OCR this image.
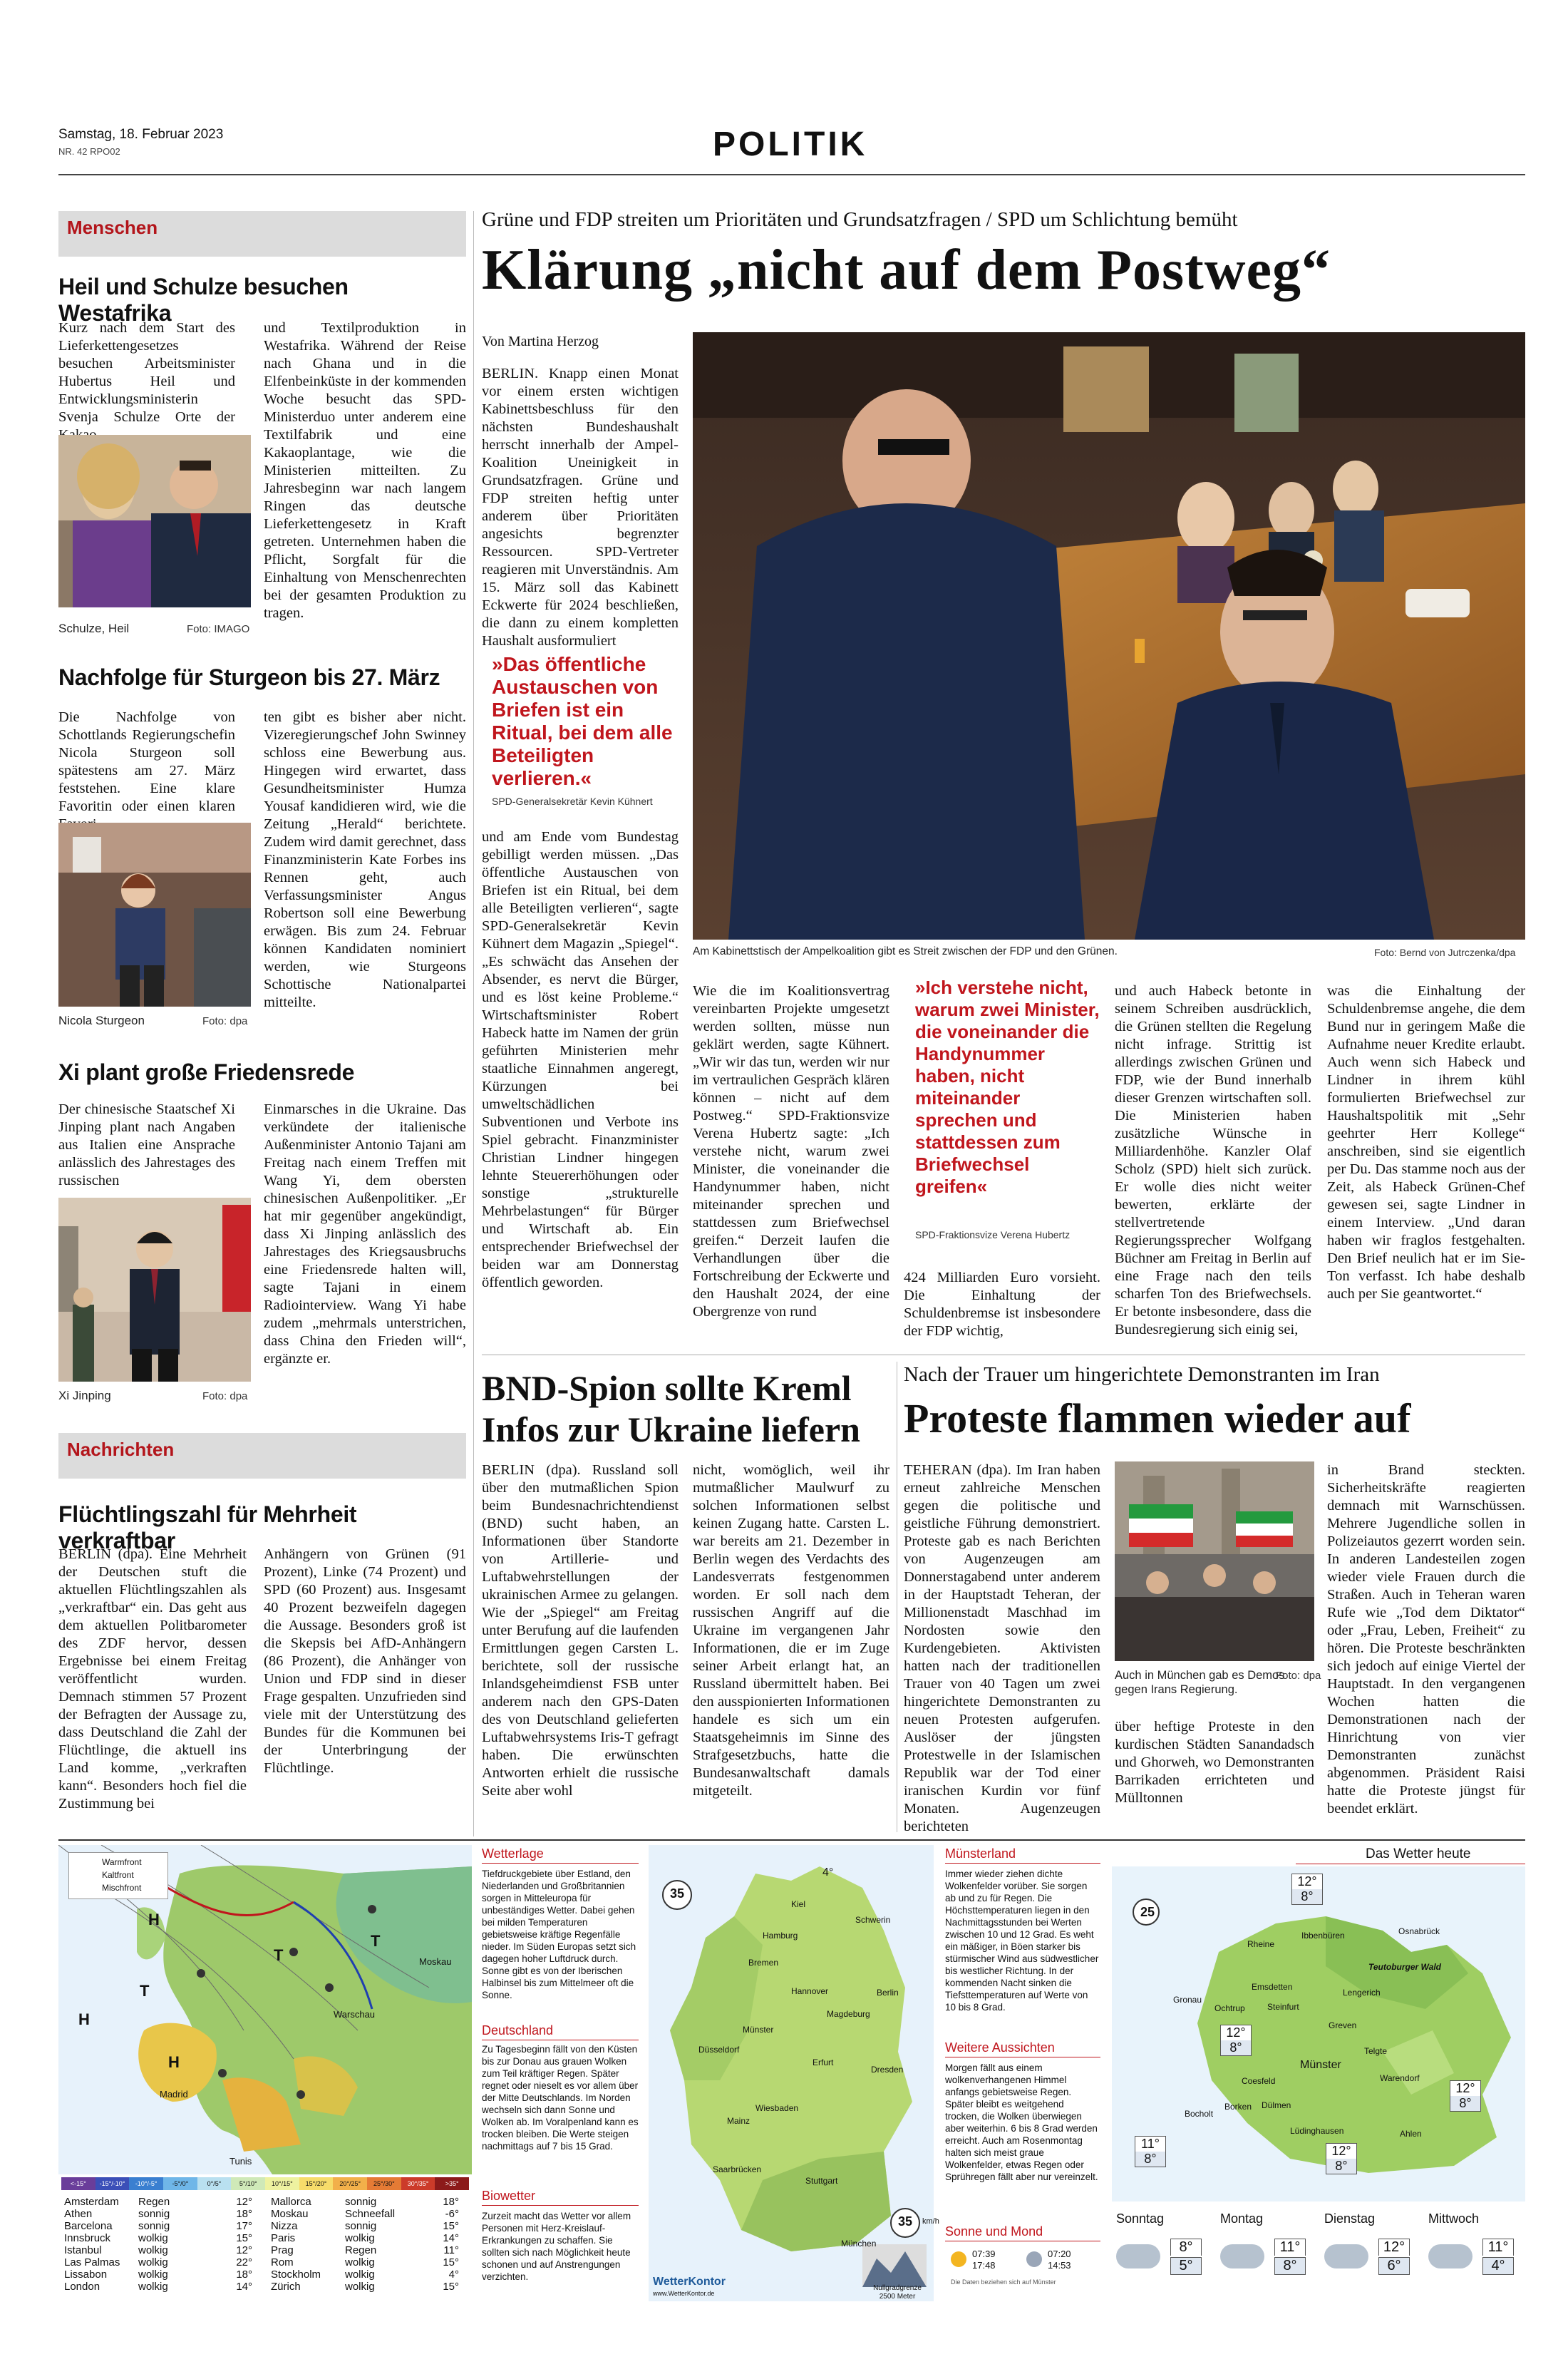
Samstag, 18. Februar 2023
NR. 42 RPO02	POLITIK
Menschen
Heil und Schulze besuchen Westafrika
Kurz nach dem Start des Lieferkettengesetzes besuchen Arbeitsminister Hubertus Heil und Entwicklungsministerin Svenja Schulze Orte der
Schulze, Heil	Foto: IMAGO
und Textilproduktion in Westafrika. Während der Reise nach Ghana und in die Elfenbeinküste in der kommenden Woche besucht das SPD-Ministerduo unter anderem eine Textilfabrik und eine Kakaoplantage, wie die Ministerien mitteilten. Zu Jahresbeginn war nach langem Ringen das deutsche Lieferkettengesetz in Kraft getreten. Unternehmen haben die Pflicht, Sorgfalt für die Einhaltung von Menschenrechten bei der gesamten Produktion zu tragen.
Nachfolge für Sturgeon bis 27. März
Die Nachfolge von Schottlands Regierungschefin Nicola Sturgeon soll spätestens am 27. März feststehen. Eine klare Favoritin oder einen klaren
Nicola Sturgeon	Foto: dpa
ten gibt es bisher aber nicht. Vizeregierungschef John Swinney schloss eine Bewerbung aus. Hingegen wird erwartet, dass Gesundheitsminister Humza Yousaf kandidieren wird, wie die Zeitung „Herald“ berichtete. Zudem wird damit gerechnet, dass Finanzministerin Kate Forbes ins Rennen geht, auch Verfassungsminister Angus Robertson soll eine Bewerbung erwägen. Bis zum 24. Februar können Kandidaten nominiert werden, wie Sturgeons Schottische Nationalpartei mitteilte.
Xi plant große Friedensrede
Der chinesische Staatschef Xi Jinping plant nach Angaben aus Italien eine Ansprache anlässlich des Jahrestages des russischen
Xi Jinping	Foto: dpa
Einmarsches in die Ukraine. Das verkündete der italienische Außenminister Antonio Tajani am Freitag nach einem Treffen mit Wang Yi, dem obersten chinesischen Außenpolitiker. „Er hat mir gegenüber angekündigt, dass Xi Jinping anlässlich des Jahrestages des Kriegsausbruchs eine Friedensrede halten will, sagte Tajani in einem Radiointerview. Wang Yi habe zudem „mehrmals unterstrichen, dass China den Frieden will“, ergänzte er.
Nachrichten
Flüchtlingszahl für Mehrheit verkraftbar
BERLIN (dpa). Eine Mehrheit der Deutschen stuft die aktuellen Flüchtlingszahlen als „verkraftbar“ ein. Das geht aus dem aktuellen Politbarometer des ZDF hervor, dessen Ergebnisse bei einem Freitag veröffentlicht wurden. Demnach stimmen 57 Prozent der Befragten der Aussage zu, dass Deutschland die Zahl der Flüchtlinge, die aktuell ins Land komme, „verkraften kann“. Besonders hoch fiel die Zustimmung bei
Anhängern von Grünen (91 Prozent), Linke (74 Prozent) und SPD (60 Prozent) aus. Insgesamt 40 Prozent bezweifeln dagegen die Aussage. Besonders groß ist die Skepsis bei AfD-Anhängern (86 Prozent), die Anhänger von Union und FDP sind in dieser Frage gespalten. Unzufrieden sind viele mit der Unterstützung des Bundes für die Kommunen bei der Unterbringung der Flüchtlinge.
Grüne und FDP streiten um Prioritäten und Grundsatzfragen / SPD um Schlichtung bemüht
Klärung „nicht auf dem Postweg“
Von Martina Herzog
BERLIN. Knapp einen Monat vor einem ersten wichtigen Kabinettsbeschluss für den nächsten Bundeshaushalt herrscht innerhalb der Ampel-Koalition Uneinigkeit in Grundsatzfragen. Grüne und FDP streiten heftig unter anderem über Prioritäten angesichts begrenzter Ressourcen. SPD-Vertreter reagieren mit Unverständnis. Am 15. März soll das Kabinett Eckwerte für 2024 beschließen, die dann zu einem kompletten Haushalt ausformuliert
»Das öffentliche Austauschen von Briefen ist ein Ritual, bei dem alle Beteiligten verlieren.«
SPD-Generalsekretär Kevin Kühnert
und am Ende vom Bundestag gebilligt werden müssen. „Das öffentliche Austauschen von Briefen ist ein Ritual, bei dem alle Beteiligten verlieren“, sagte SPD-Generalsekretär Kevin Kühnert dem Magazin „Spiegel“. „Es schwächt das Ansehen der Absender, es nervt die Bürger, und es löst keine Probleme.“ Wirtschaftsminister Robert Habeck hatte im Namen der grün geführten Ministerien mehr staatliche Einnahmen angeregt, Kürzungen bei umweltschädlichen Subventionen und Verbote ins Spiel gebracht. Finanzminister Christian Lindner hingegen lehnte Steuererhöhungen oder sonstige „strukturelle Mehrbelastungen“ für Bürger und Wirtschaft ab. Ein entsprechender Briefwechsel der beiden war am Donnerstag öffentlich geworden.
Am Kabinettstisch der Ampelkoalition gibt es Streit zwischen der FDP und den Grünen.	Foto: Bernd von Jutrczenka/dpa
Wie die im Koalitionsvertrag vereinbarten Projekte umgesetzt werden sollten, müsse nun geklärt werden, sagte Kühnert. „Wir wir das tun, werden wir nur im vertraulichen Gespräch klären können – nicht auf dem Postweg.“ SPD-Fraktionsvize Verena Hubertz sagte: „Ich verstehe nicht, warum zwei Minister, die voneinander die Handynummer haben, nicht miteinander sprechen und stattdessen zum Briefwechsel greifen.“ Derzeit laufen die Verhandlungen über die Fortschreibung der Eckwerte und den Haushalt 2024, der eine Obergrenze von rund
»Ich verstehe nicht, warum zwei Minister, die voneinander die Handynummer haben, nicht miteinander sprechen und stattdessen zum Briefwechsel greifen«
SPD-Fraktionsvize Verena Hubertz
424 Milliarden Euro vorsieht. Die Einhaltung der Schuldenbremse ist insbesondere der FDP wichtig,
und auch Habeck betonte in seinem Schreiben ausdrücklich, die Grünen stellten die Regelung nicht infrage. Strittig ist allerdings zwischen Grünen und FDP, wie der Bund innerhalb dieser Grenzen wirtschaften soll. Die Ministerien haben zusätzliche Wünsche in Milliardenhöhe. Kanzler Olaf Scholz (SPD) hielt sich zurück. Er wolle dies nicht weiter bewerten, erklärte der stellvertretende Regierungssprecher Wolfgang Büchner am Freitag in Berlin auf eine Frage nach den teils scharfen Ton des Briefwechsels. Er betonte insbesondere, dass die Bundesregierung sich einig sei,
was die Einhaltung der Schuldenbremse angehe, die dem Bund nur in geringem Maße die Aufnahme neuer Kredite erlaubt. Auch wenn sich Habeck und Lindner in ihrem kühl formulierten Briefwechsel zur Haushaltspolitik mit „Sehr geehrter Herr Kollege“ anschreiben, sind sie eigentlich per Du. Das stamme noch aus der Zeit, als Habeck Grünen-Chef gewesen sei, sagte Lindner in einem Interview. „Und daran haben wir fraglos festgehalten. Den Brief neulich hat er im Sie-Ton verfasst. Ich habe deshalb auch per Sie geantwortet.“
BND-Spion sollte Kreml Infos zur Ukraine liefern
BERLIN (dpa). Russland soll über den mutmaßlichen Spion beim Bundesnachrichtendienst (BND) sucht haben, an Informationen über Standorte von Artillerie- und Luftabwehrstellungen der ukrainischen Armee zu gelangen. Wie der „Spiegel“ am Freitag unter Berufung auf die laufenden Ermittlungen gegen Carsten L. berichtete, soll der russische Inlandsgeheimdienst FSB unter anderem nach den GPS-Daten des von Deutschland gelieferten Luftabwehrsystems Iris-T gefragt haben. Die erwünschten Antworten erhielt die russische Seite aber wohl
nicht, womöglich, weil ihr mutmaßlicher Maulwurf zu solchen Informationen selbst keinen Zugang hatte. Carsten L. war bereits am 21. Dezember in Berlin wegen des Verdachts des Landesverrats festgenommen worden. Er soll nach dem russischen Angriff auf die Ukraine im vergangenen Jahr Informationen, die er im Zuge seiner Arbeit erlangt hat, an Russland übermittelt haben. Bei den ausspionierten Informationen handele es sich um ein Staatsgeheimnis im Sinne des Strafgesetzbuchs, hatte die Bundesanwaltschaft damals mitgeteilt.
Nach der Trauer um hingerichtete Demonstranten im Iran
Proteste flammen wieder auf
TEHERAN (dpa). Im Iran haben erneut zahlreiche Menschen gegen die politische und geistliche Führung demonstriert. Proteste gab es nach Berichten von Augenzeugen am Donnerstagabend unter anderem in der Hauptstadt Teheran, der Millionenstadt Maschhad im Nordosten sowie den Kurdengebieten. Aktivisten hatten nach der traditionellen Trauer von 40 Tagen um zwei hingerichtete Demonstranten zu neuen Protesten aufgerufen. Auslöser der jüngsten Protestwelle in der Islamischen Republik war der Tod einer iranischen Kurdin vor fünf Monaten. Augenzeugen berichteten
Auch in München gab es Demos gegen Irans Regierung.
Foto: dpa
über heftige Proteste in den kurdischen Städten Sanandadsch und Ghorweh, wo Demonstranten Barrikaden errichteten und Mülltonnen
in Brand steckten. Sicherheitskräfte reagierten demnach mit Warnschüssen. Mehrere Jugendliche sollen in Polizeiautos gezerrt worden sein. In anderen Landesteilen zogen wieder viele Frauen durch die Straßen. Auch in Teheran waren Rufe wie „Tod dem Diktator“ oder „Frau, Leben, Freiheit“ zu hören. Die Proteste beschränkten sich jedoch auf einige Viertel der Hauptstadt. In den vergangenen Wochen hatten die Demonstrationen nach der Hinrichtung von vier Demonstranten zunächst abgenommen. Präsident Raisi hatte die Proteste jüngst für beendet erklärt.
Warmfront
Kaltfront
Mischfront
H
H
H
T
T
T
Madrid
Moskau
Warschau
Tunis
<-15°	-15°/-10°	-10°/-5°	-5°/0°	0°/5°	5°/10°	10°/15°	15°/20°	20°/25°	25°/30°	30°/35°	>35°
Amsterdam	Regen	12°
Athen	sonnig	18°
Barcelona	sonnig	17°
Innsbruck	wolkig	15°
Istanbul	wolkig	12°
Las Palmas	wolkig	22°
Lissabon	wolkig	18°
London	wolkig	14°
Mallorca	sonnig	18°
Moskau	Schneefall	-6°
Nizza	sonnig	15°
Paris	wolkig	14°
Prag	Regen	11°
Rom	wolkig	15°
Stockholm	wolkig	4°
Zürich	wolkig	15°
Wetterlage
Tiefdruckgebiete über Estland, den Niederlanden und Großbritannien sorgen in Mitteleuropa für unbeständiges Wetter. Dabei gehen bei milden Temperaturen gebietsweise kräftige Regenfälle nieder. Im Süden Europas setzt sich dagegen hoher Luftdruck durch. Sonne gibt es von der Iberischen Halbinsel bis zum Mittelmeer oft die Sonne.
Deutschland
Zu Tagesbeginn fällt von den Küsten bis zur Donau aus grauen Wolken zum Teil kräftiger Regen. Später regnet oder nieselt es vor allem über der Mitte Deutschlands. Im Norden wechseln sich dann Sonne und Wolken ab. Im Voralpenland kann es trocken bleiben. Die Werte steigen nachmittags auf 7 bis 15 Grad.
Biowetter
Zurzeit macht das Wetter vor allem Personen mit Herz-Kreislauf-Erkrankungen zu schaffen. Sie sollten sich nach Möglichkeit heute schonen und auf Anstrengungen verzichten.
35
4°
35 km/h
Kiel
Schwerin
Hamburg
Bremen
Hannover	Berlin
Magdeburg
Münster
Düsseldorf
Erfurt
Dresden
Mainz
Wiesbaden
Saarbrücken
Stuttgart
München
WetterKontor
www.WetterKontor.de
Nullgradgrenze 2500 Meter
Münsterland
Immer wieder ziehen dichte Wolkenfelder vorüber. Sie sorgen ab und zu für Regen. Die Höchsttemperaturen liegen in den Nachmittagsstunden bei Werten zwischen 10 und 12 Grad. Es weht ein mäßiger, in Böen starker bis stürmischer Wind aus südwestlicher bis westlicher Richtung. In der kommenden Nacht sinken die Tiefsttemperaturen auf Werte von 10 bis 8 Grad.
Weitere Aussichten
Morgen fällt aus einem wolkenverhangenen Himmel anfangs gebietsweise Regen. Später bleibt es weitgehend trocken, die Wolken überwiegen aber weiterhin. 6 bis 8 Grad werden erreicht. Auch am Rosenmontag halten sich meist graue Wolkenfelder, etwas Regen oder Sprühregen fällt aber nur vereinzelt.
Sonne und Mond
07:39
17:48
07:20
14:53
Die Daten beziehen sich auf Münster
Das Wetter heute
25
Rheine
Ibbenbüren	Osnabrück
Teutoburger Wald
Emsdetten
Lengerich
Gronau
Ochtrup	Steinfurt
Greven
Telgte
Münster
Warendorf
Coesfeld
Bocholt
Borken Dülmen
Lüdinghausen	Ahlen
12°
8°
12°
8°
12°
8°
11°
8°
12°
8°
Sonntag
8°
5°
Montag
11°
8°
Dienstag
12°
6°
Mittwoch
11°
4°
